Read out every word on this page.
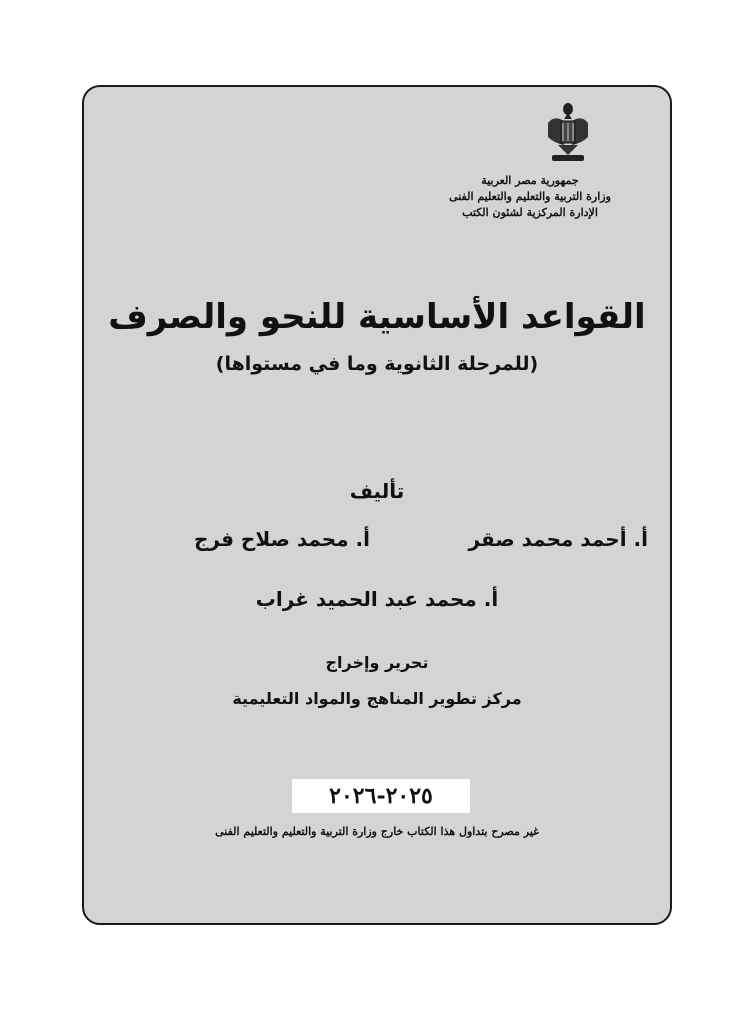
جمهورية مصر العربية
وزارة التربية والتعليم والتعليم الفنى
الإدارة المركزية لشئون الكتب
القواعد الأساسية للنحو والصرف
(للمرحلة الثانوية وما في مستواها)
تأليف
أ. أحمد محمد صقر
أ. محمد صلاح فرج
أ. محمد عبد الحميد غراب
تحرير وإخراج
مركز تطوير المناهج والمواد التعليمية
٢٠٢٥-٢٠٢٦
غير مصرح بتداول هذا الكتاب خارج وزارة التربية والتعليم والتعليم الفنى
